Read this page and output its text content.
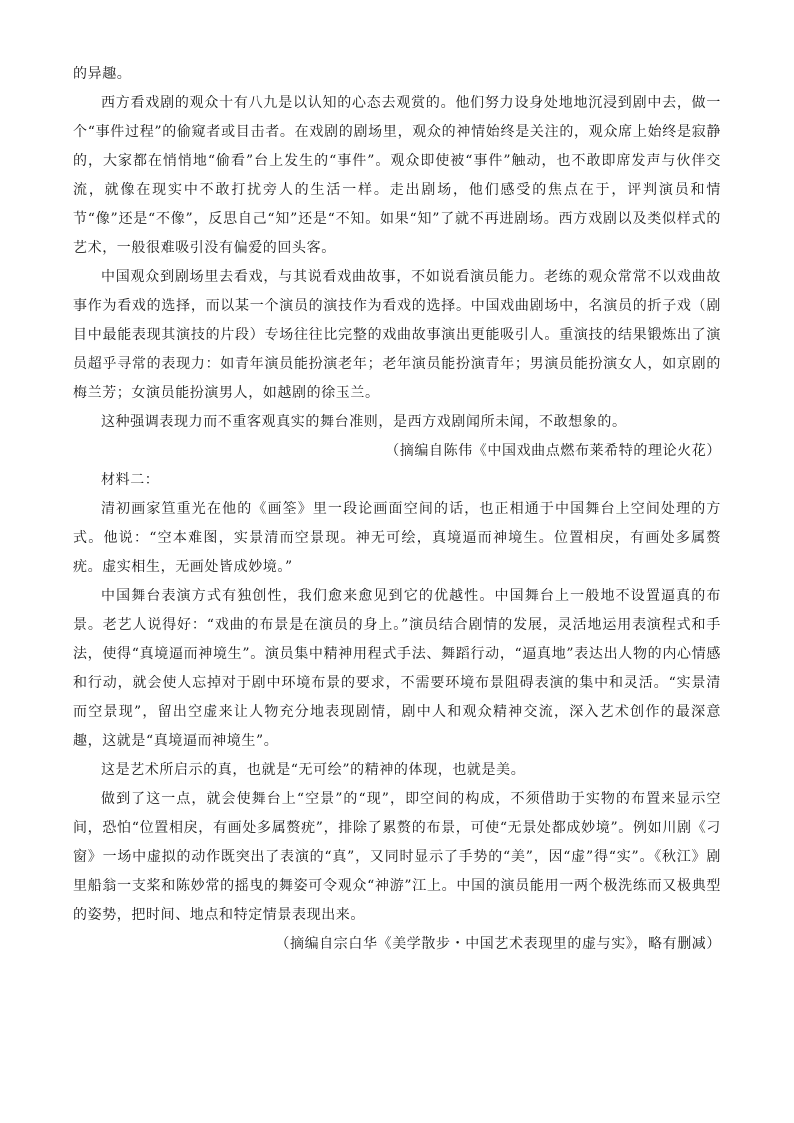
的异趣。

西方看戏剧的观众十有八九是以认知的心态去观赏的。他们努力设身处地地沉浸到剧中去，做一个“事件过程”的偷窥者或目击者。在戏剧的剧场里，观众的神情始终是关注的，观众席上始终是寂静的，大家都在悄悄地“偷看”台上发生的“事件”。观众即使被“事件”触动，也不敢即席发声与伙伴交流，就像在现实中不敢打扰旁人的生活一样。走出剧场，他们感受的焦点在于，评判演员和情节“像”还是“不像”，反思自己“知”还是“不知。如果“知”了就不再进剧场。西方戏剧以及类似样式的艺术，一般很难吸引没有偏爱的回头客。

中国观众到剧场里去看戏，与其说看戏曲故事，不如说看演员能力。老练的观众常常不以戏曲故事作为看戏的选择，而以某一个演员的演技作为看戏的选择。中国戏曲剧场中，名演员的折子戏（剧目中最能表现其演技的片段）专场往往比完整的戏曲故事演出更能吸引人。重演技的结果锻炼出了演员超乎寻常的表现力：如青年演员能扮演老年；老年演员能扮演青年；男演员能扮演女人，如京剧的梅兰芳；女演员能扮演男人，如越剧的徐玉兰。

这种强调表现力而不重客观真实的舞台准则，是西方戏剧闻所未闻，不敢想象的。

（摘编自陈伟《中国戏曲点燃布莱希特的理论火花）

材料二：

清初画家笪重光在他的《画筌》里一段论画面空间的话，也正相通于中国舞台上空间处理的方式。他说：“空本难图，实景清而空景现。神无可绘，真境逼而神境生。位置相戾，有画处多属赘疣。虚实相生，无画处皆成妙境。”

中国舞台表演方式有独创性，我们愈来愈见到它的优越性。中国舞台上一般地不设置逼真的布景。老艺人说得好：“戏曲的布景是在演员的身上。”演员结合剧情的发展，灵活地运用表演程式和手法，使得“真境逼而神境生”。演员集中精神用程式手法、舞蹈行动，“逼真地”表达出人物的内心情感和行动，就会使人忘掉对于剧中环境布景的要求，不需要环境布景阻碍表演的集中和灵活。“实景清而空景现”，留出空虚来让人物充分地表现剧情，剧中人和观众精神交流，深入艺术创作的最深意趣，这就是“真境逼而神境生”。

这是艺术所启示的真，也就是“无可绘”的精神的体现，也就是美。

做到了这一点，就会使舞台上“空景”的“现”，即空间的构成，不须借助于实物的布置来显示空间，恐怕“位置相戾，有画处多属赘疣”，排除了累赘的布景，可使“无景处都成妙境”。例如川剧《刁窗》一场中虚拟的动作既突出了表演的“真”，又同时显示了手势的“美”，因“虚”得“实”。《秋江》剧里船翁一支桨和陈妙常的摇曳的舞姿可令观众“神游”江上。中国的演员能用一两个极洗练而又极典型的姿势，把时间、地点和特定情景表现出来。

（摘编自宗白华《美学散步・中国艺术表现里的虚与实》，略有删减）
